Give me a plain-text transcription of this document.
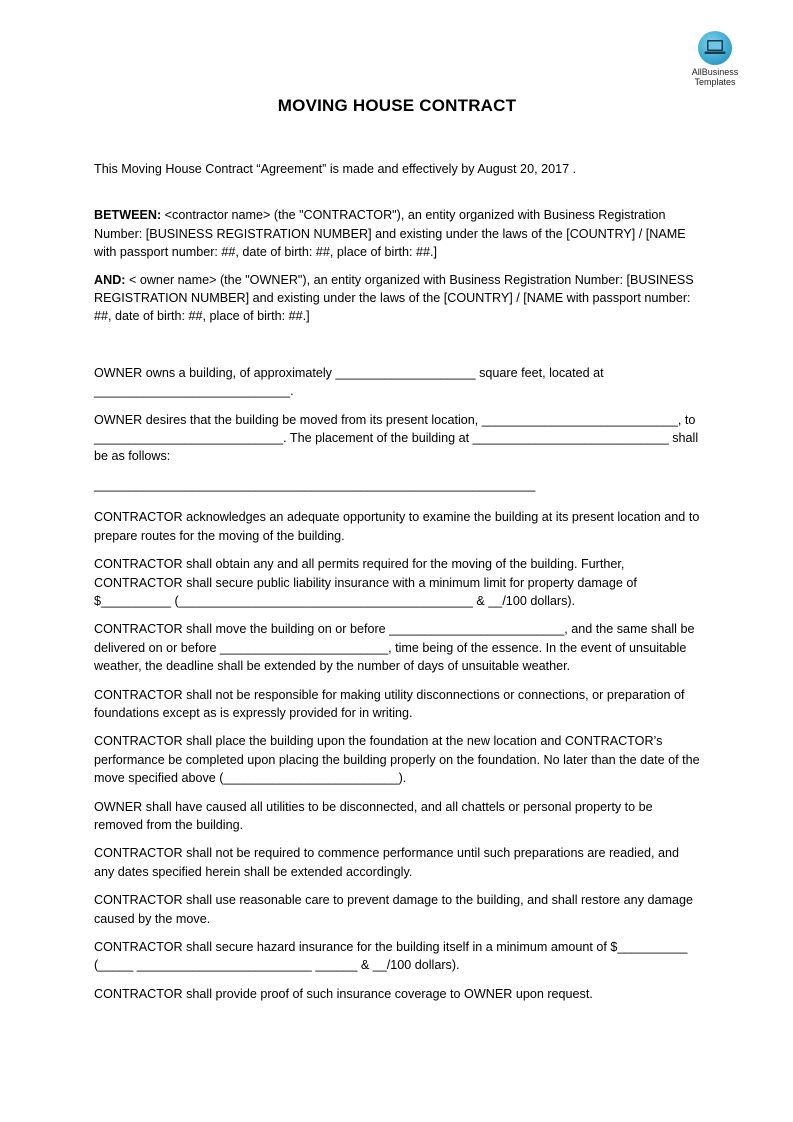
AllBusiness
Templates
MOVING HOUSE CONTRACT

This Moving House Contract “Agreement” is made and effectively by August 20, 2017 .

BETWEEN: <contractor name> (the "CONTRACTOR"), an entity organized with Business Registration Number: [BUSINESS REGISTRATION NUMBER] and existing under the laws of the [COUNTRY] / [NAME with passport number: ##, date of birth: ##, place of birth: ##.]

AND: < owner name> (the "OWNER"), an entity organized with Business Registration Number: [BUSINESS REGISTRATION NUMBER] and existing under the laws of the [COUNTRY] / [NAME with passport number: ##, date of birth: ##, place of birth: ##.]

OWNER owns a building, of approximately ____________________ square feet, located at ____________________________.

OWNER desires that the building be moved from its present location, ____________________________, to ___________________________. The placement of the building at ____________________________ shall be as follows:

_______________________________________________________________

CONTRACTOR acknowledges an adequate opportunity to examine the building at its present location and to prepare routes for the moving of the building.

CONTRACTOR shall obtain any and all permits required for the moving of the building. Further, CONTRACTOR shall secure public liability insurance with a minimum limit for property damage of $__________ (__________________________________________ & __/100 dollars).

CONTRACTOR shall move the building on or before _________________________, and the same shall be delivered on or before ________________________, time being of the essence. In the event of unsuitable weather, the deadline shall be extended by the number of days of unsuitable weather.

CONTRACTOR shall not be responsible for making utility disconnections or connections, or preparation of foundations except as is expressly provided for in writing.

CONTRACTOR shall place the building upon the foundation at the new location and CONTRACTOR’s performance be completed upon placing the building properly on the foundation. No later than the date of the move specified above (_________________________).

OWNER shall have caused all utilities to be disconnected, and all chattels or personal property to be removed from the building.

CONTRACTOR shall not be required to commence performance until such preparations are readied, and any dates specified herein shall be extended accordingly.

CONTRACTOR shall use reasonable care to prevent damage to the building, and shall restore any damage caused by the move.

CONTRACTOR shall secure hazard insurance for the building itself in a minimum amount of $__________ (_____ _________________________ ______ & __/100 dollars).

CONTRACTOR shall provide proof of such insurance coverage to OWNER upon request.
